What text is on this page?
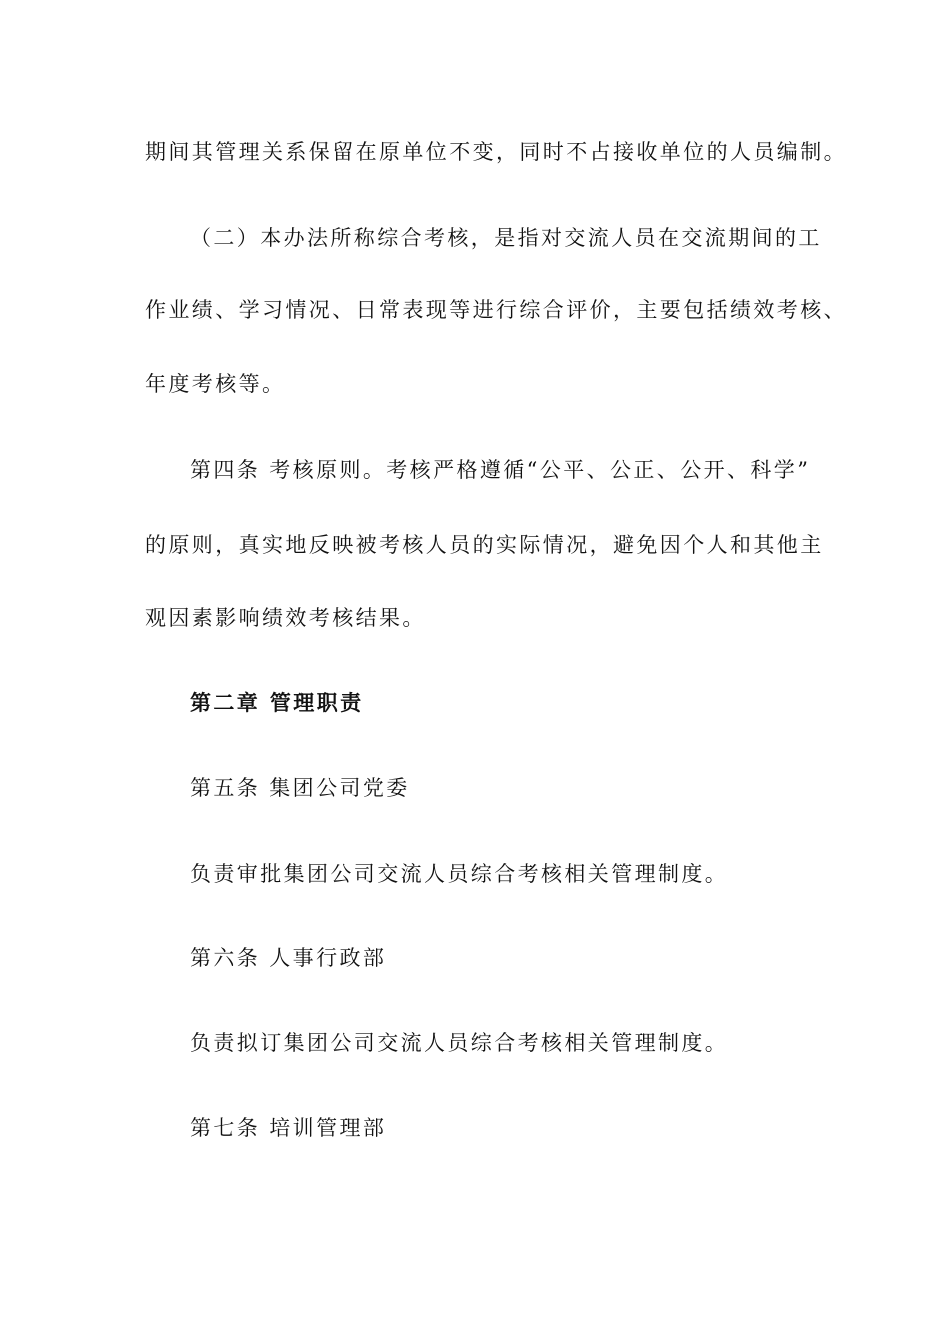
期间其管理关系保留在原单位不变，同时不占接收单位的人员编制。
（二）本办法所称综合考核，是指对交流人员在交流期间的工
作业绩、学习情况、日常表现等进行综合评价，主要包括绩效考核、
年度考核等。
第四条 考核原则。考核严格遵循“公平、公正、公开、科学”
的原则，真实地反映被考核人员的实际情况，避免因个人和其他主
观因素影响绩效考核结果。
第二章 管理职责
第五条 集团公司党委
负责审批集团公司交流人员综合考核相关管理制度。
第六条 人事行政部
负责拟订集团公司交流人员综合考核相关管理制度。
第七条 培训管理部
